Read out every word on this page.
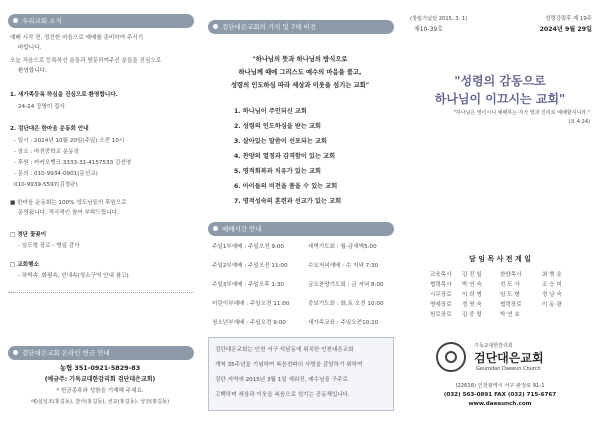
우리교회 소식
예배 시작 전, 정건한 마음으로 예배를 준비하여 주시기
바랍니다.
오늘 처음으로 등록하신 분들과 방문하여주신 분들을 진심으로
환영합니다.
1. 새가족등록 하심을 진심으로 환영합니다.
24-24 강명이 집사
2. 검단대은 한마음 운동회 안내
- 일시 : 2024년 10월 20일(주일) 오전 10시
- 장소 : 마전중학교 운동장
- 후원 : 카카오뱅크 3333-31-4157533 김선영
- 문의 : 010-9934-0901(문선교)
010-9939-5597(김정규)
■ 한마음 운동회는 100% 성도님들의 후원으로
운영됩니다. 적극적인 참여 부탁드립니다.
□ 경단 꽃꽂이
- 임도형 장로 - 병일 감사
□ 교회행소
- 하박속, 화평속, 인내속(청소구역 안내 참고)
검단대은교회 온라인 헌금 안내
농협 351-0921-5829-83
(예금주: 기독교대한감리회 검단대은교회)
* 헌금종류와 성함을 기재해 주세요.
예)십일조(홍길동), 감사(홍길동), 선교(홍길동), 성전(홍길동)
검단대은교회의 가치 및 7대 비전
"하나님의 뜻과 하나님의 방식으로
하나님께 때에 그리스도 예수의 마음을 품고,
성령의 인도하심 따라 세상과 이웃을 섬기는 교회"
1. 하나님이 주인되신 교회
2. 성령의 인도하심을 받는 교회
3. 살아있는 말씀이 선포되는 교회
4. 찬양의 열정과 감격함이 있는 교회
5. 영적회복과 치유가 있는 교회
6. 아이들의 비전을 품을 수 있는 교회
7. 영적성숙의 훈련과 선교가 있는 교회
예배시간 안내
주일1부예배 : 주일오전 9:00	세벽기도회 : 월-금새벽5:00
주일2부예배 : 주일오전 11:00	수요저녁예배 : 수 저녁 7:30
주일3부예배 : 주일오후 1:30	금요찬양기도회 : 금 저녁 8:00
어린이부예배 : 주일오전 11:00	중보기도회 : 화,토 오전 10:00
청소년부예배 : 주일오전 9:00	새가족교육 : 주일오전10:20
검단대은교회는 인천 서구 석남동에 위치한 인천대은교회
개척 35주년을 기념하여 복음전파의 사명을 감당하기 위하여
검단 지역에 2015년 3월 1일 세워진, 예수님을 구주로
고백하며 세상과 이웃을 복음으로 섬기는 공동체입니다.
(창립기념일 2015. 3. 1)
제10-39호
성령강림후 제 19주
2024년 9월 29일
"성령의 감동으로
하나님이 이끄시는 교회"
"하나님은 영이시니 예배하는 자가 영과 진리로 예배할지니라."
(요 4:24)
담 임 목 사 전 계 일
교육목사 김 진 일	찬양목사	최 병 운
협력목사 박 연 숙	전 도 사	조 승 미
시무장로 이 희 병	임 도 형	정 낭 숙
명예장로 정 명 숙	협력장로	이 동 광
원로장로 김 중 렬	박 연 호
기독교대한감리회
검단대은교회
Geumdan Daeeun Church
(22616) 인천광역시 서구 완정로 91-1
(032) 563-0891 FAX (032) 715-6767
www.daeeunch.com
